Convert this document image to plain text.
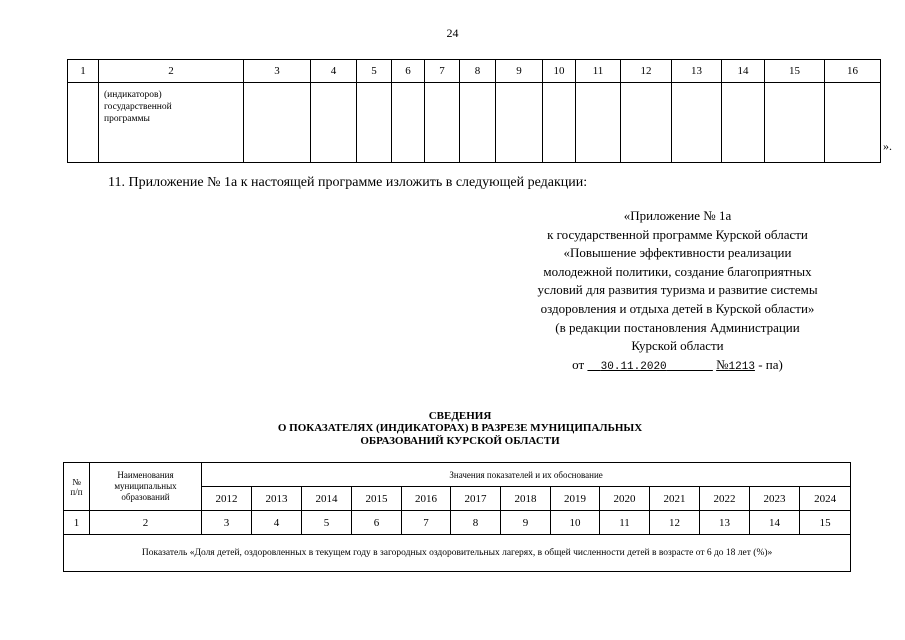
24
1	2	3	4	5	6	7	8	9	10	11	12	13	14	15	16

	(индикаторов)
государственной
программы														

».
11. Приложение № 1а к настоящей программе изложить в следующей редакции:
«Приложение № 1а
к государственной программе Курской области
«Повышение эффективности реализации
молодежной политики, создание благоприятных
условий для развития туризма и развитие системы
оздоровления и отдыха детей в Курской области»
(в редакции постановления Администрации
Курской области
от 30.11.2020	№1213 - па)
СВЕДЕНИЯ
О ПОКАЗАТЕЛЯХ (ИНДИКАТОРАХ) В РАЗРЕЗЕ МУНИЦИПАЛЬНЫХ
ОБРАЗОВАНИЙ КУРСКОЙ ОБЛАСТИ
№
п/п	Наименования муниципальных образований	Значения показателей и их обоснование												
		2012	2013	2014	2015	2016	2017	2018	2019	2020	2021	2022	2023	2024
1	2	3	4	5	6	7	8	9	10	11	12	13	14	15
Показатель «Доля детей, оздоровленных в текущем году в загородных оздоровительных лагерях, в общей численности детей в возрасте от 6 до 18 лет (%)»														
